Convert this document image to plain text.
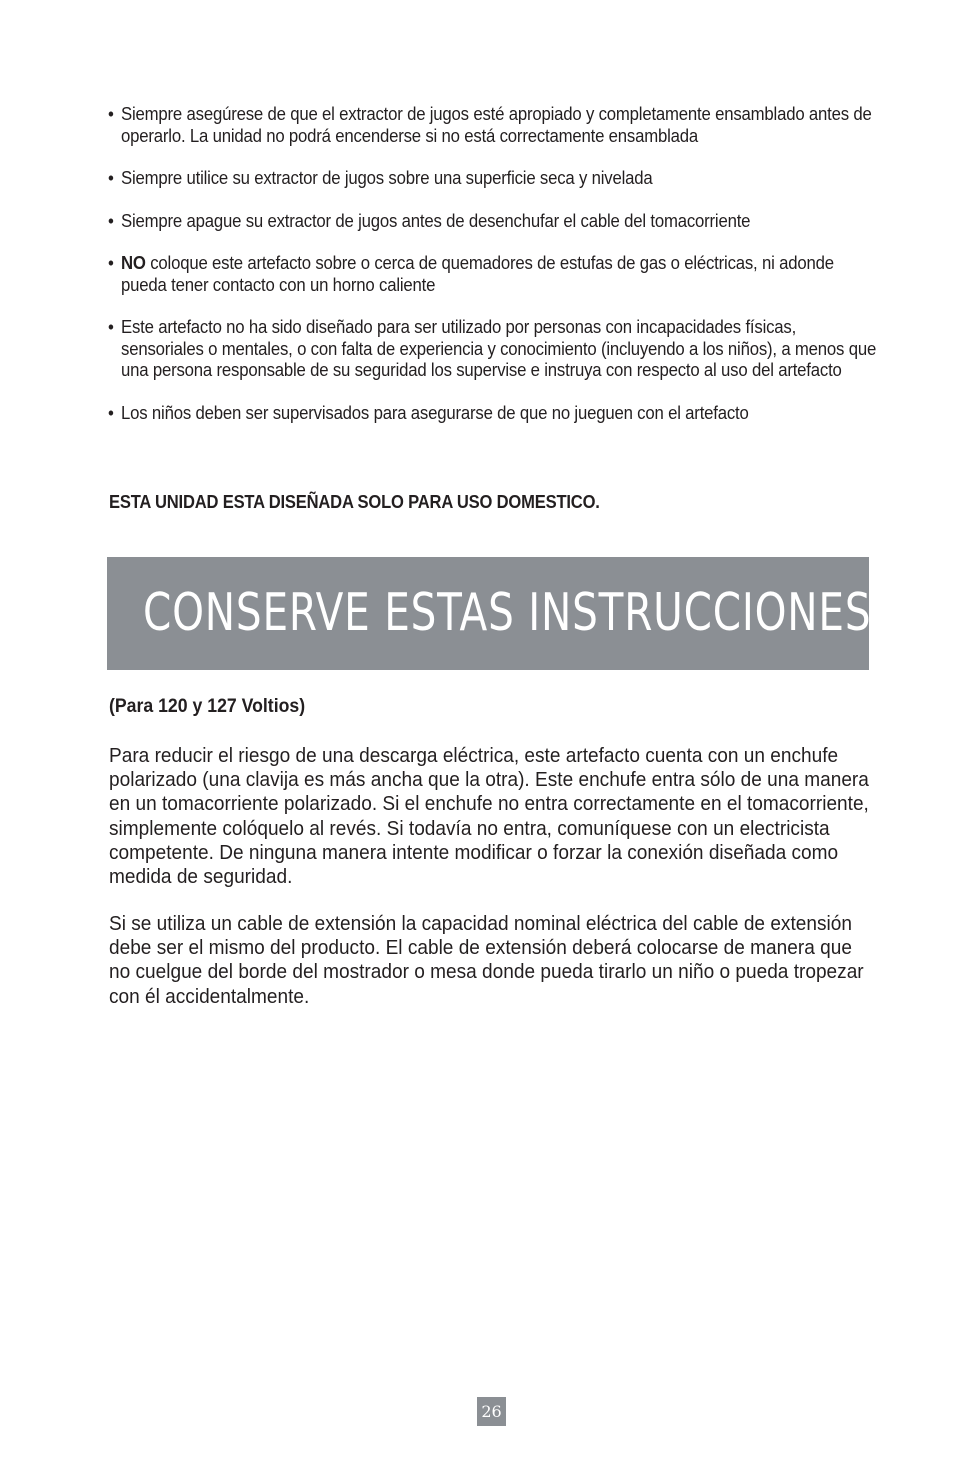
• Siempre asegúrese de que el extractor de jugos esté apropiado y completamente ensamblado antes de operarlo. La unidad no podrá encenderse si no está correctamente ensamblada
• Siempre utilice su extractor de jugos sobre una superficie seca y nivelada
• Siempre apague su extractor de jugos antes de desenchufar el cable del tomacorriente
• NO coloque este artefacto sobre o cerca de quemadores de estufas de gas o eléctricas, ni adonde pueda tener contacto con un horno caliente
• Este artefacto no ha sido diseñado para ser utilizado por personas con incapacidades físicas, sensoriales o mentales, o con falta de experiencia y conocimiento (incluyendo a los niños), a menos que una persona responsable de su seguridad los supervise e instruya con respecto al uso del artefacto
• Los niños deben ser supervisados para asegurarse de que no jueguen con el artefacto
ESTA UNIDAD ESTA DISEÑADA SOLO PARA USO DOMESTICO.
CONSERVE ESTAS INSTRUCCIONES
(Para 120 y 127 Voltios)
Para reducir el riesgo de una descarga eléctrica, este artefacto cuenta con un enchufe polarizado (una clavija es más ancha que la otra). Este enchufe entra sólo de una manera en un tomacorriente polarizado. Si el enchufe no entra correctamente en el tomacorriente, simplemente colóquelo al revés. Si todavía no entra, comuníquese con un electricista competente. De ninguna manera intente modificar o forzar la conexión diseñada como medida de seguridad.
Si se utiliza un cable de extensión la capacidad nominal eléctrica del cable de extensión debe ser el mismo del producto. El cable de extensión deberá colocarse de manera que no cuelgue del borde del mostrador o mesa donde pueda tirarlo un niño o pueda tropezar con él accidentalmente.
26
